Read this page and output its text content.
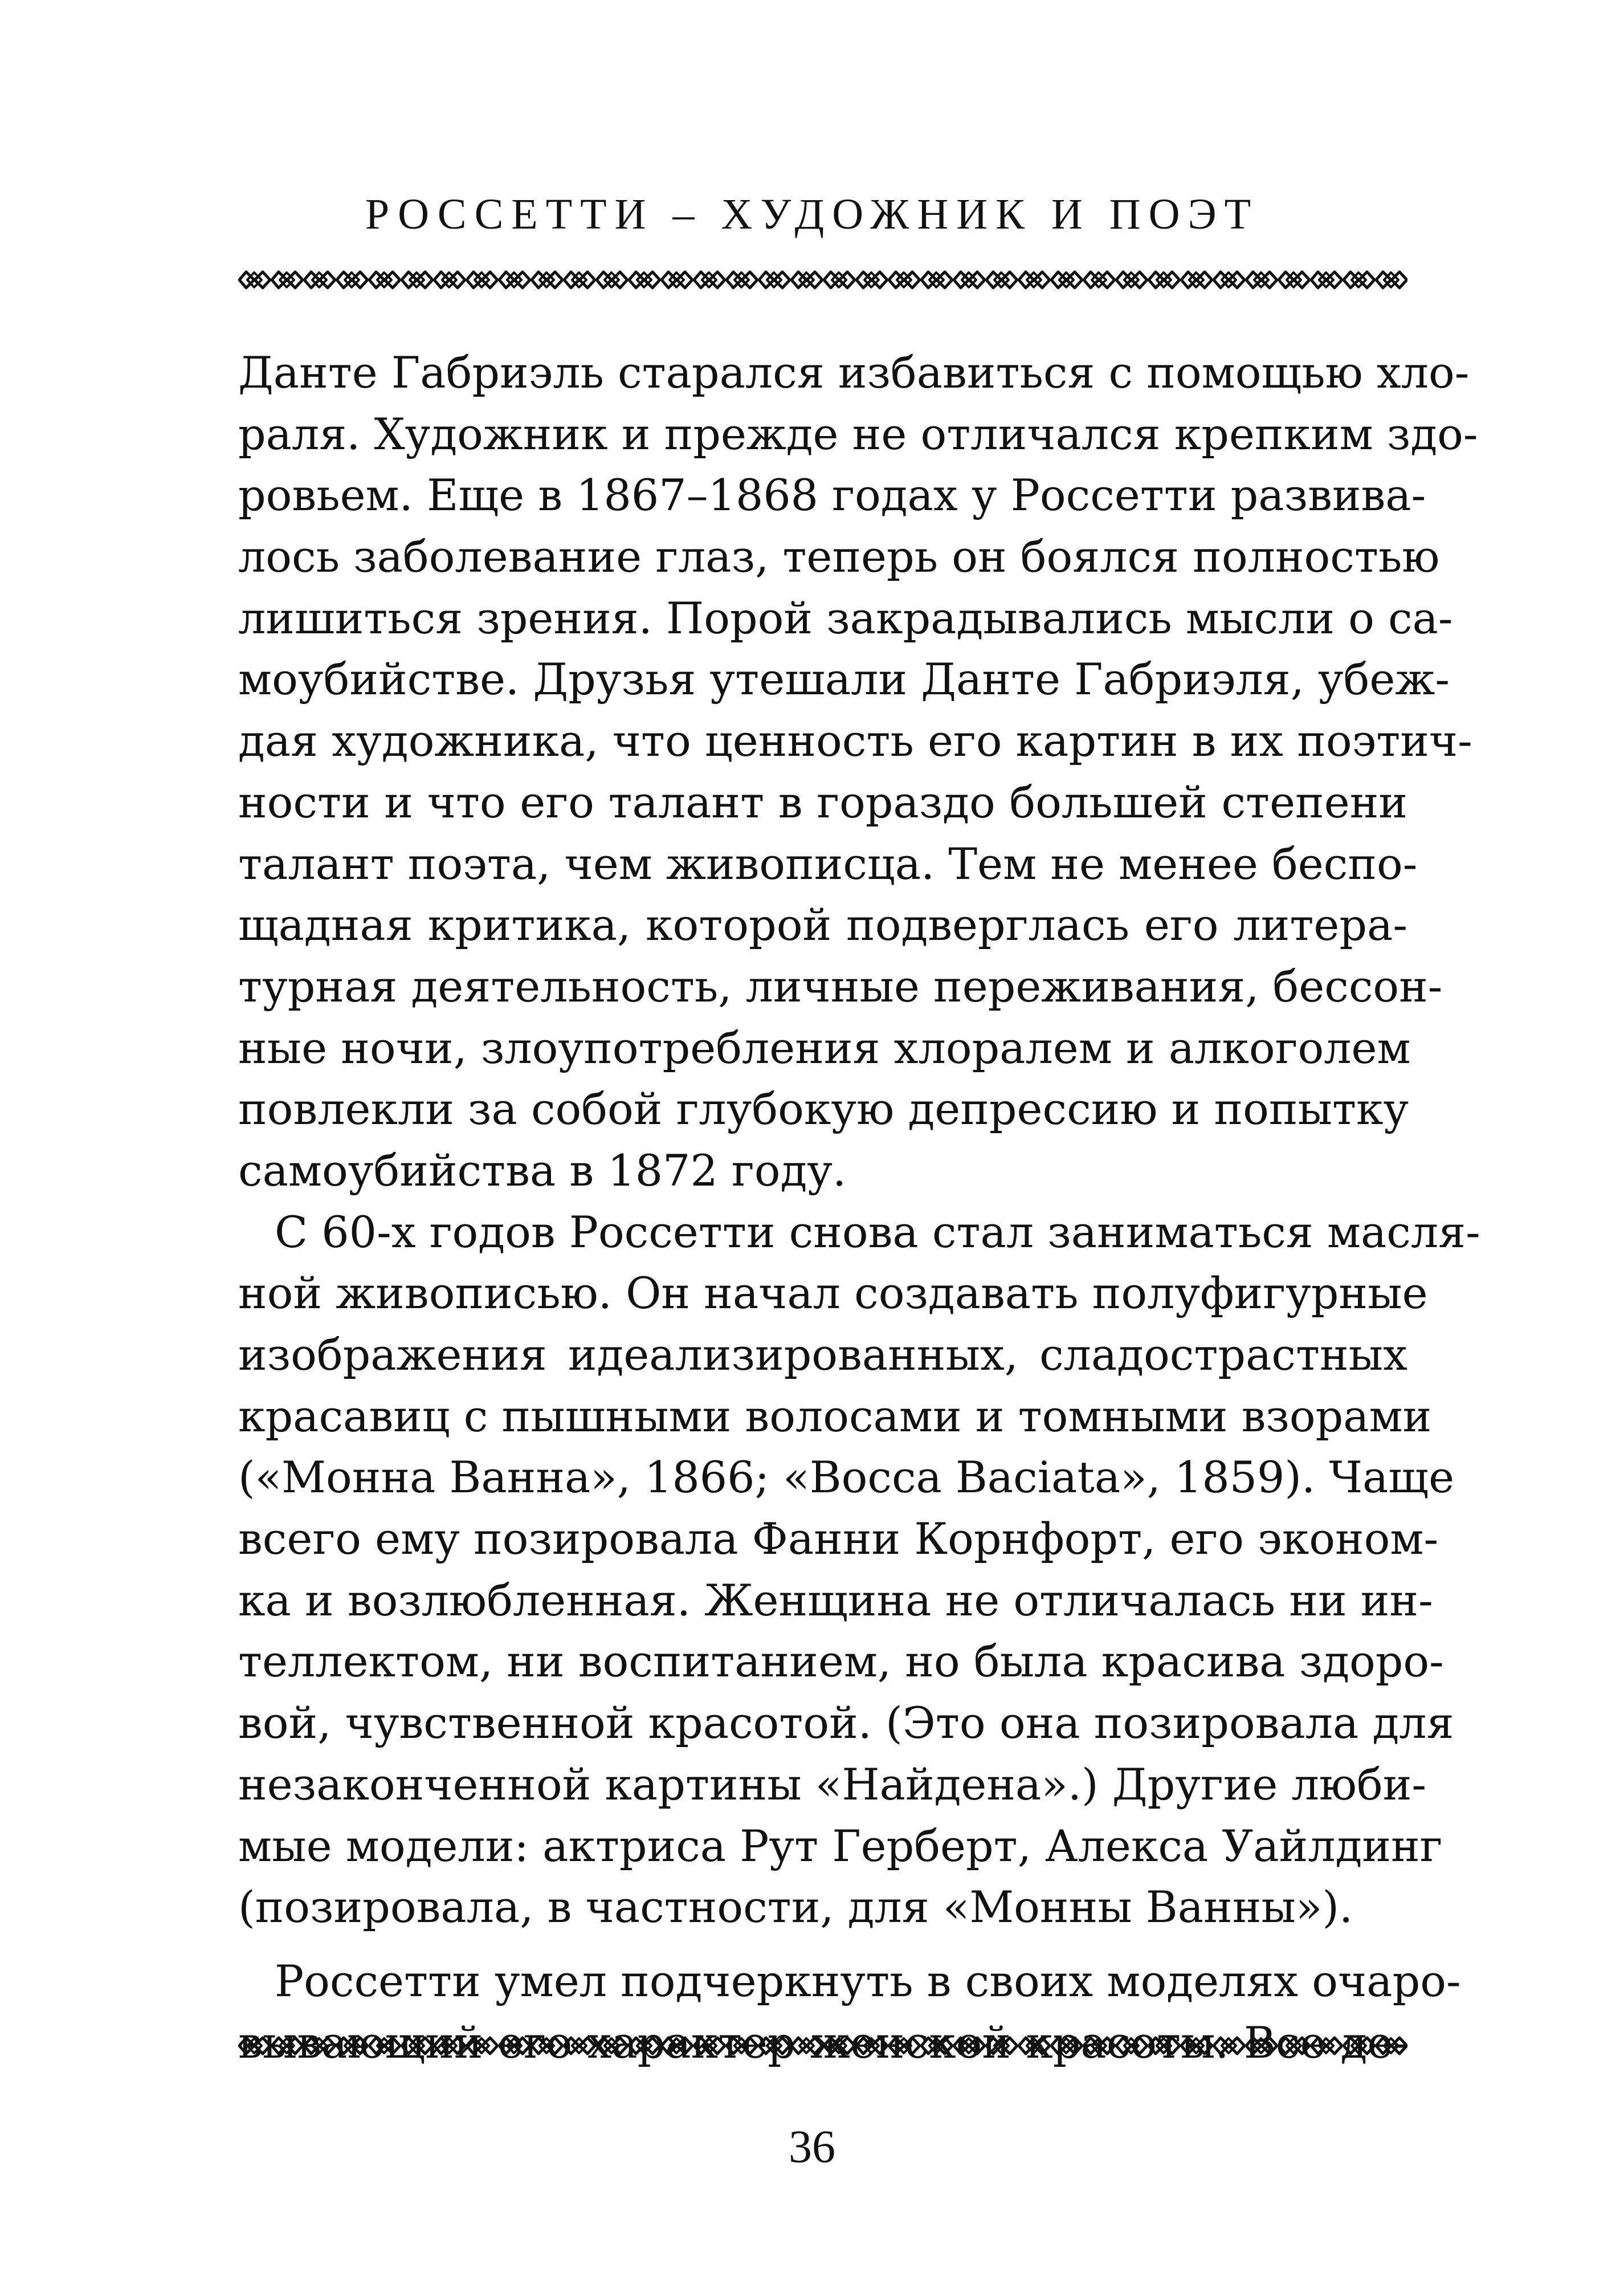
РОССЕТТИ – ХУДОЖНИК И ПОЭТ
Данте Габриэль старался избавиться с помощью хло-
раля. Художник и прежде не отличался крепким здо-
ровьем. Еще в 1867–1868 годах у Россетти развива-
лось заболевание глаз, теперь он боялся полностью
лишиться зрения. Порой закрадывались мысли о са-
моубийстве. Друзья утешали Данте Габриэля, убеж-
дая художника, что ценность его картин в их поэтич-
ности и что его талант в гораздо большей степени
талант поэта, чем живописца. Тем не менее беспо-
щадная критика, которой подверглась его литера-
турная деятельность, личные переживания, бессон-
ные ночи, злоупотребления хлоралем и алкоголем
повлекли за собой глубокую депрессию и попытку
самоубийства в 1872 году.
С 60-х годов Россетти снова стал заниматься масля-
ной живописью. Он начал создавать полуфигурные
изображения идеализированных, сладострастных
красавиц с пышными волосами и томными взорами
(«Монна Ванна», 1866; «Bocca Baciata», 1859). Чаще
всего ему позировала Фанни Корнфорт, его эконом-
ка и возлюбленная. Женщина не отличалась ни ин-
теллектом, ни воспитанием, но была красива здоро-
вой, чувственной красотой. (Это она позировала для
незаконченной картины «Найдена».) Другие люби-
мые модели: актриса Рут Герберт, Алекса Уайлдинг
(позировала, в частности, для «Монны Ванны»).
Россетти умел подчеркнуть в своих моделях очаро-
36
